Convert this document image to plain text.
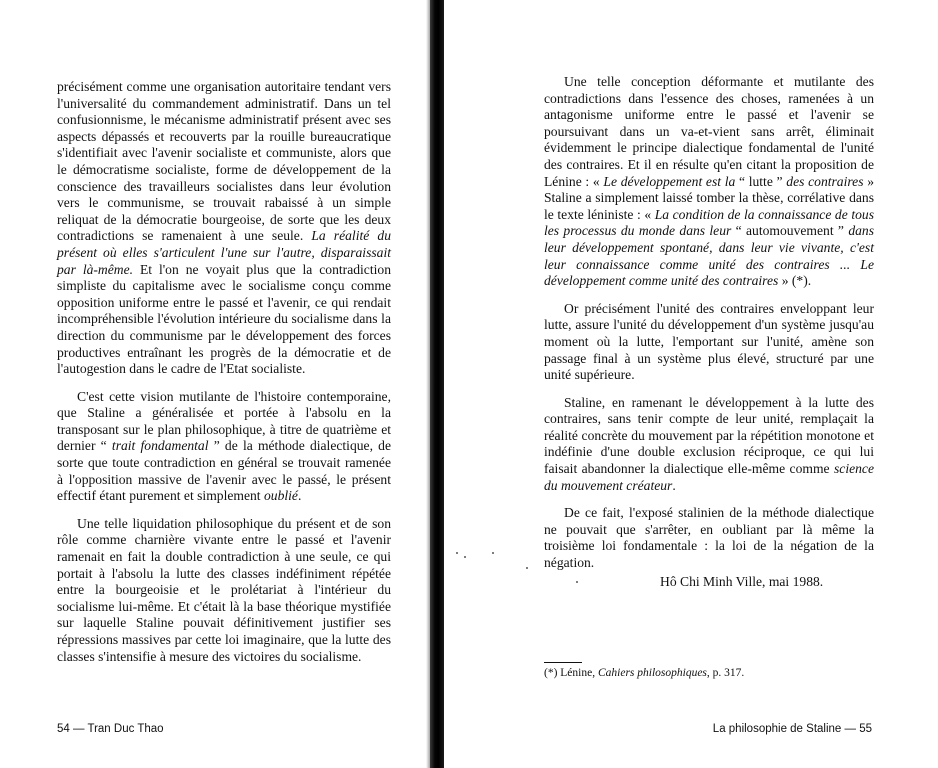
précisément comme une organisation autoritaire tendant vers l'universalité du commandement administratif. Dans un tel confusionnisme, le mécanisme administratif présent avec ses aspects dépassés et recouverts par la rouille bureaucratique s'identifiait avec l'avenir socialiste et communiste, alors que le démocratisme socialiste, forme de développement de la conscience des travailleurs socialistes dans leur évolution vers le communisme, se trouvait rabaissé à un simple reliquat de la démocratie bourgeoise, de sorte que les deux contradictions se ramenaient à une seule. La réalité du présent où elles s'articulent l'une sur l'autre, disparaissait par là-même. Et l'on ne voyait plus que la contradiction simpliste du capitalisme avec le socialisme conçu comme opposition uniforme entre le passé et l'avenir, ce qui rendait incompréhensible l'évolution intérieure du socialisme dans la direction du communisme par le développement des forces productives entraînant les progrès de la démocratie et de l'autogestion dans le cadre de l'Etat socialiste.

C'est cette vision mutilante de l'histoire contemporaine, que Staline a généralisée et portée à l'absolu en la transposant sur le plan philosophique, à titre de quatrième et dernier “ trait fondamental ” de la méthode dialectique, de sorte que toute contradiction en général se trouvait ramenée à l'opposition massive de l'avenir avec le passé, le présent effectif étant purement et simplement oublié.

Une telle liquidation philosophique du présent et de son rôle comme charnière vivante entre le passé et l'avenir ramenait en fait la double contradiction à une seule, ce qui portait à l'absolu la lutte des classes indéfiniment répétée entre la bourgeoisie et le prolétariat à l'intérieur du socialisme lui-même. Et c'était là la base théorique mystifiée sur laquelle Staline pouvait définitivement justifier ses répressions massives par cette loi imaginaire, que la lutte des classes s'intensifie à mesure des victoires du socialisme.

54 — Tran Duc Thao

Une telle conception déformante et mutilante des contradictions dans l'essence des choses, ramenées à un antagonisme uniforme entre le passé et l'avenir se poursuivant dans un va-et-vient sans arrêt, éliminait évidemment le principe dialectique fondamental de l'unité des contraires. Et il en résulte qu'en citant la proposition de Lénine : « Le développement est la “ lutte ” des contraires » Staline a simplement laissé tomber la thèse, corrélative dans le texte léniniste : « La condition de la connaissance de tous les processus du monde dans leur “ automouvement ” dans leur développement spontané, dans leur vie vivante, c'est leur connaissance comme unité des contraires ... Le développement comme unité des contraires » (*).

Or précisément l'unité des contraires enveloppant leur lutte, assure l'unité du développement d'un système jusqu'au moment où la lutte, l'emportant sur l'unité, amène son passage final à un système plus élevé, structuré par une unité supérieure.

Staline, en ramenant le développement à la lutte des contraires, sans tenir compte de leur unité, remplaçait la réalité concrète du mouvement par la répétition monotone et indéfinie d'une double exclusion réciproque, ce qui lui faisait abandonner la dialectique elle-même comme science du mouvement créateur.

De ce fait, l'exposé stalinien de la méthode dialectique ne pouvait que s'arrêter, en oubliant par là même la troisième loi fondamentale : la loi de la négation de la négation.

Hô Chi Minh Ville, mai 1988.
(*) Lénine, Cahiers philosophiques, p. 317.
La philosophie de Staline — 55
